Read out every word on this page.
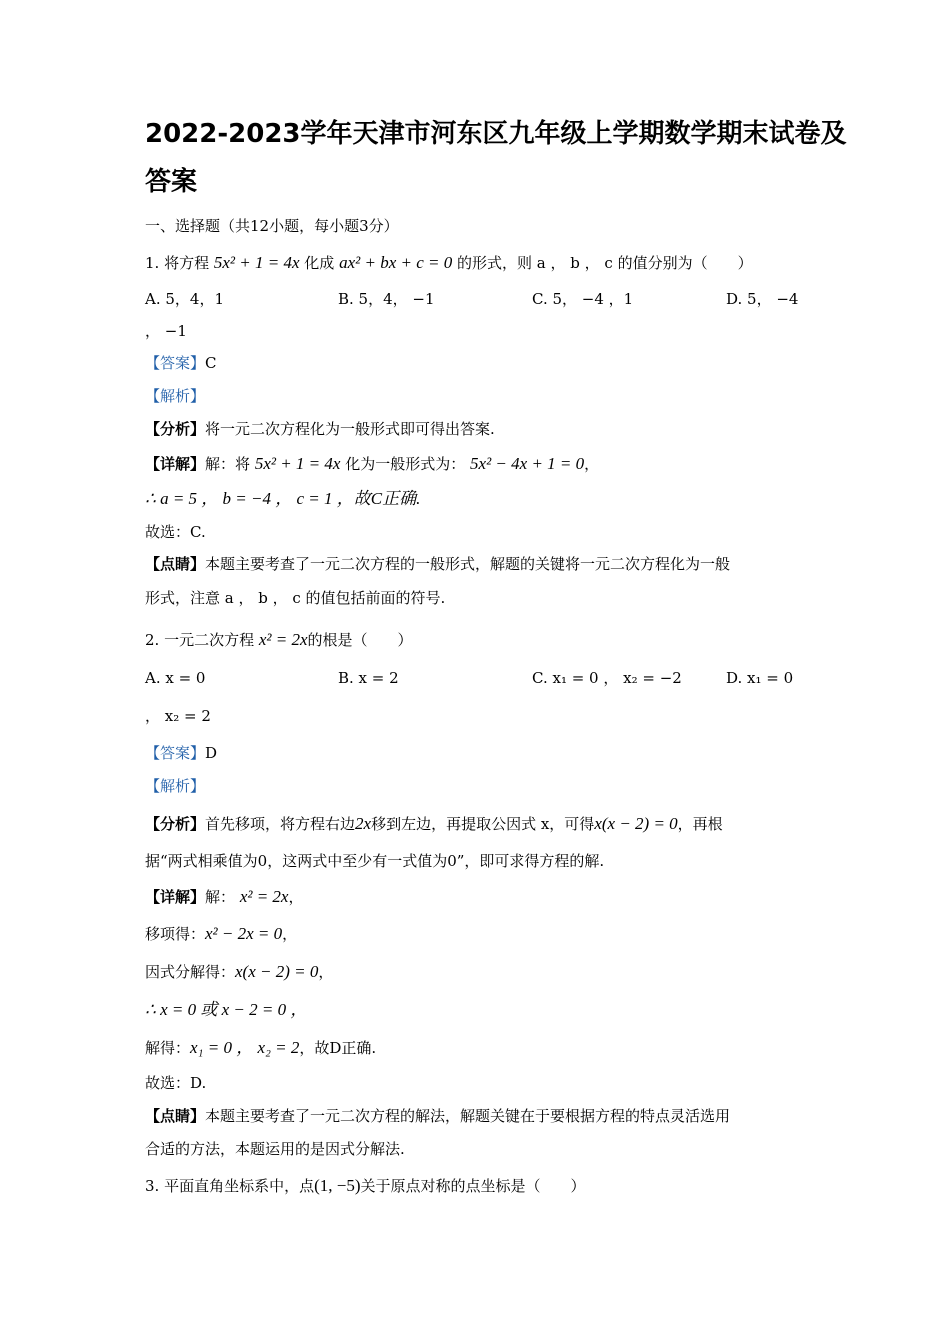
2022-2023学年天津市河东区九年级上学期数学期末试卷及
答案
一、选择题（共12小题，每小题3分）
1. 将方程 5x² + 1 = 4x 化成 ax² + bx + c = 0 的形式，则 a ， b ， c 的值分别为（　　）
A. 5，4，1	B. 5，4， −1	C. 5， −4 ，1	D. 5， −4
， −1
【答案】C
【解析】
【分析】将一元二次方程化为一般形式即可得出答案.
【详解】解：将 5x² + 1 = 4x 化为一般形式为： 5x² − 4x + 1 = 0，
∴ a = 5 ， b = −4 ， c = 1 ，故C正确.
故选：C.
【点睛】本题主要考查了一元二次方程的一般形式，解题的关键将一元二次方程化为一般
形式，注意 a ， b ， c 的值包括前面的符号.
2. 一元二次方程 x² = 2x的根是（　　）
A. x = 0	B. x = 2	C. x₁ = 0 ， x₂ = −2	D. x₁ = 0
， x₂ = 2
【答案】D
【解析】
【分析】首先移项，将方程右边2x移到左边，再提取公因式 x，可得x(x − 2) = 0，再根
据“两式相乘值为0，这两式中至少有一式值为0”，即可求得方程的解.
【详解】解： x² = 2x，
移项得：x² − 2x = 0，
因式分解得：x(x − 2) = 0，
∴ x = 0 或 x − 2 = 0 ，
解得：x₁ = 0 ， x₂ = 2，故D正确.
故选：D.
【点睛】本题主要考查了一元二次方程的解法，解题关键在于要根据方程的特点灵活选用
合适的方法，本题运用的是因式分解法.
3. 平面直角坐标系中，点(1, −5)关于原点对称的点坐标是（　　）
